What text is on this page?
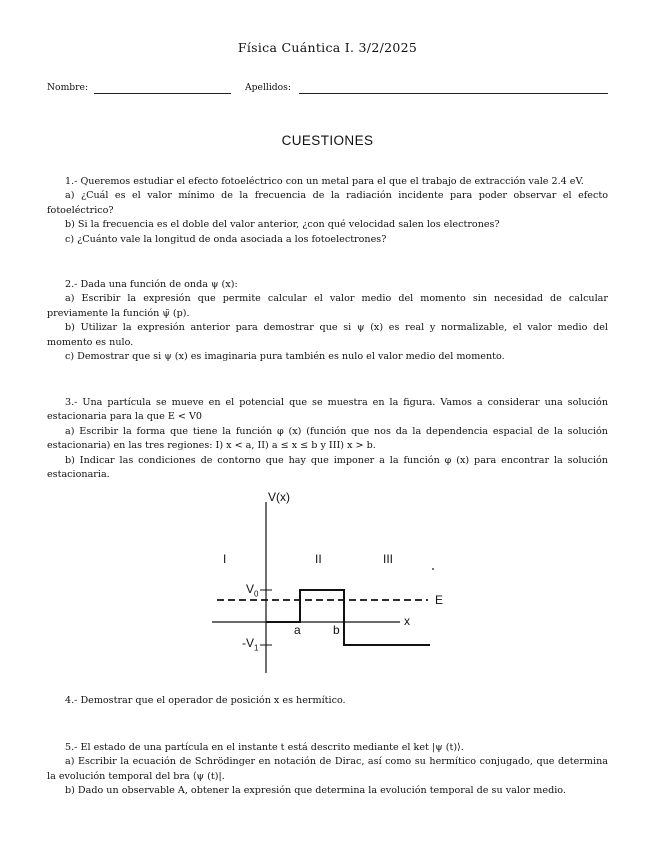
Física Cuántica I. 3/2/2025
Nombre:	Apellidos:
CUESTIONES

1.- Queremos estudiar el efecto fotoeléctrico con un metal para el que el trabajo de extracción vale 2.4 eV.

a) ¿Cuál es el valor mínimo de la frecuencia de la radiación incidente para poder observar el efecto fotoeléctrico?

b) Si la frecuencia es el doble del valor anterior, ¿con qué velocidad salen los electrones?

c) ¿Cuánto vale la longitud de onda asociada a los fotoelectrones?

2.- Dada una función de onda ψ (x):

a) Escribir la expresión que permite calcular el valor medio del momento sin necesidad de calcular previamente la función ψ̃ (p).

b) Utilizar la expresión anterior para demostrar que si ψ (x) es real y normalizable, el valor medio del momento es nulo.

c) Demostrar que si ψ (x) es imaginaria pura también es nulo el valor medio del momento.

3.- Una partícula se mueve en el potencial que se muestra en la figura. Vamos a considerar una solución estacionaria para la que E < V0

a) Escribir la forma que tiene la función φ (x) (función que nos da la dependencia espacial de la solución estacionaria) en las tres regiones: I) x < a, II) a ≤ x ≤ b y III) x > b.

b) Indicar las condiciones de contorno que hay que imponer a la función φ (x) para encontrar la solución estacionaria.

V(x)
x
I	II	III
$V_0$
$-V_1$
E
a	b

4.- Demostrar que el operador de posición x es hermítico.

5.- El estado de una partícula en el instante t está descrito mediante el ket |ψ (t)⟩.

a) Escribir la ecuación de Schrödinger en notación de Dirac, así como su hermítico conjugado, que determina la evolución temporal del bra ⟨ψ (t)|.

b) Dado un observable A, obtener la expresión que determina la evolución temporal de su valor medio.
